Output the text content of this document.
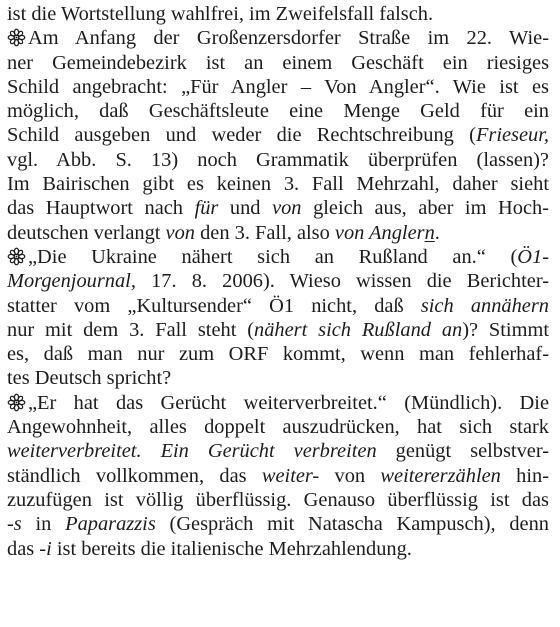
ist die Wortstellung wahlfrei, im Zweifelsfall falsch.
Am Anfang der Großenzersdorfer Straße im 22. Wie-
ner Gemeindebezirk ist an einem Geschäft ein riesiges
Schild angebracht: „Für Angler – Von Angler“. Wie ist es
möglich, daß Geschäftsleute eine Menge Geld für ein
Schild ausgeben und weder die Rechtschreibung (Frieseur,
vgl. Abb. S. 13) noch Grammatik überprüfen (lassen)?
Im Bairischen gibt es keinen 3. Fall Mehrzahl, daher sieht
das Hauptwort nach für und von gleich aus, aber im Hoch-
deutschen verlangt von den 3. Fall, also von Anglern.
„Die Ukraine nähert sich an Rußland an.“ (Ö1-
Morgenjournal, 17. 8. 2006). Wieso wissen die Berichter-
statter vom „Kultursender“ Ö1 nicht, daß sich annähern
nur mit dem 3. Fall steht (nähert sich Rußland an)? Stimmt
es, daß man nur zum ORF kommt, wenn man fehlerhaf-
tes Deutsch spricht?
„Er hat das Gerücht weiterverbreitet.“ (Mündlich). Die
Angewohnheit, alles doppelt auszudrücken, hat sich stark
weiterverbreitet. Ein Gerücht verbreiten genügt selbstver-
ständlich vollkommen, das weiter- von weitererzählen hin-
zuzufügen ist völlig überflüssig. Genauso überflüssig ist das
-s in Paparazzis (Gespräch mit Natascha Kampusch), denn
das -i ist bereits die italienische Mehrzahlendung.
